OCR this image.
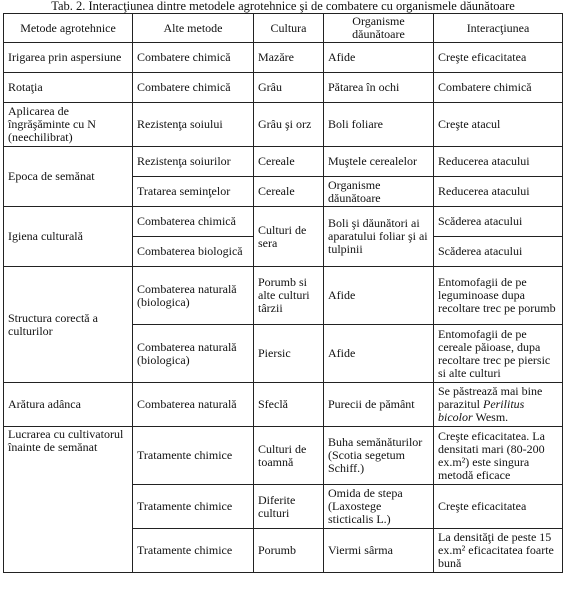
Tab. 2. Interacţiunea dintre metodele agrotehnice şi de combatere cu organismele dăunătoare
Metode agrotehnice	Alte metode	Cultura	Organisme dăunătoare	Interacţiunea
Irigarea prin aspersiune	Combatere chimică	Mazăre	Afide	Creşte eficacitatea
Rotaţia	Combatere chimică	Grâu	Pătarea în ochi	Combatere chimică
Aplicarea de îngrăşăminte cu N (neechilibrat)	Rezistenţa soiului	Grâu şi orz	Boli foliare	Creşte atacul
Epoca de semănat	Rezistenţa soiurilor	Cereale	Muştele cerealelor	Reducerea atacului
	Tratarea seminţelor	Cereale	Organisme dăunătoare	Reducerea atacului
Igiena culturală	Combaterea chimică	Culturi de sera	Boli şi dăunători ai aparatului foliar şi ai tulpinii	Scăderea atacului
	Combaterea biologică			Scăderea atacului
Structura corectă a culturilor	Combaterea naturală (biologica)	Porumb si alte culturi târzii	Afide	Entomofagii de pe leguminoase dupa recoltare trec pe porumb
	Combaterea naturală (biologica)	Piersic	Afide	Entomofagii de pe cereale păioase, dupa recoltare trec pe piersic si alte culturi
Arătura adânca	Combaterea naturală	Sfeclă	Purecii de pământ	Se păstrează mai bine parazitul Perilitus bicolor Wesm.
Lucrarea cu cultivatorul înainte de semănat	Tratamente chimice	Culturi de toamnă	Buha semănăturilor (Scotia segetum Schiff.)	Creşte eficacitatea. La densitati mari (80-200 ex.m²) este singura metodă eficace
	Tratamente chimice	Diferite culturi	Omida de stepa (Laxostege sticticalis L.)	Creşte eficacitatea
	Tratamente chimice	Porumb	Viermi sârma	La densităţi de peste 15 ex.m² eficacitatea foarte bună
